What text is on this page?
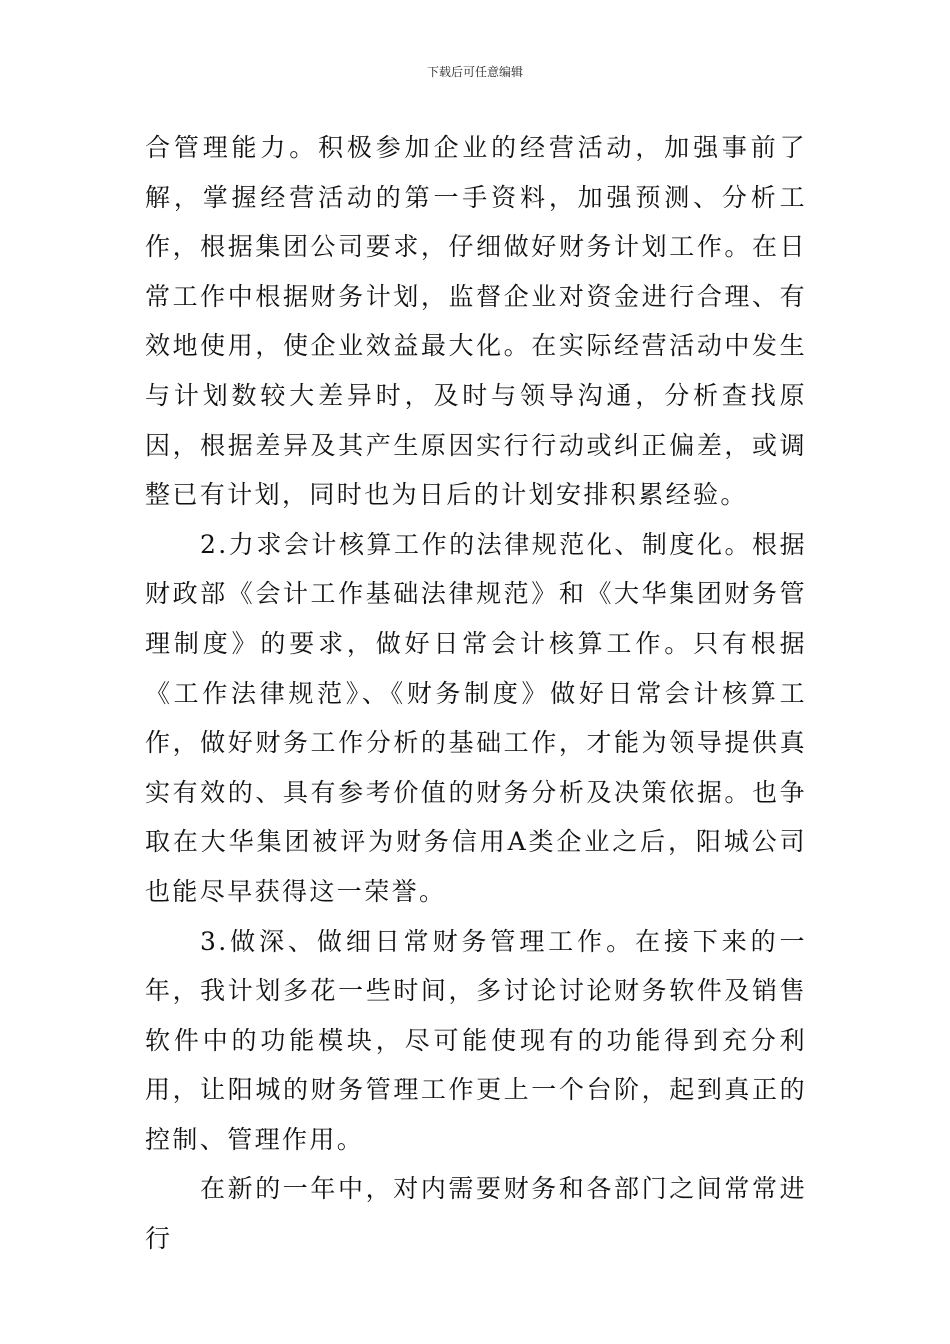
下载后可任意编辑

合管理能力。积极参加企业的经营活动，加强事前了解，掌握经营活动的第一手资料，加强预测、分析工作，根据集团公司要求，仔细做好财务计划工作。在日常工作中根据财务计划，监督企业对资金进行合理、有效地使用，使企业效益最大化。在实际经营活动中发生与计划数较大差异时，及时与领导沟通，分析查找原因，根据差异及其产生原因实行行动或纠正偏差，或调整已有计划，同时也为日后的计划安排积累经验。

2.力求会计核算工作的法律规范化、制度化。根据财政部《会计工作基础法律规范》和《大华集团财务管理制度》的要求，做好日常会计核算工作。只有根据《工作法律规范》、《财务制度》做好日常会计核算工作，做好财务工作分析的基础工作，才能为领导提供真实有效的、具有参考价值的财务分析及决策依据。也争取在大华集团被评为财务信用A类企业之后，阳城公司也能尽早获得这一荣誉。

3.做深、做细日常财务管理工作。在接下来的一年，我计划多花一些时间，多讨论讨论财务软件及销售软件中的功能模块，尽可能使现有的功能得到充分利用，让阳城的财务管理工作更上一个台阶，起到真正的控制、管理作用。

在新的一年中，对内需要财务和各部门之间常常进行
